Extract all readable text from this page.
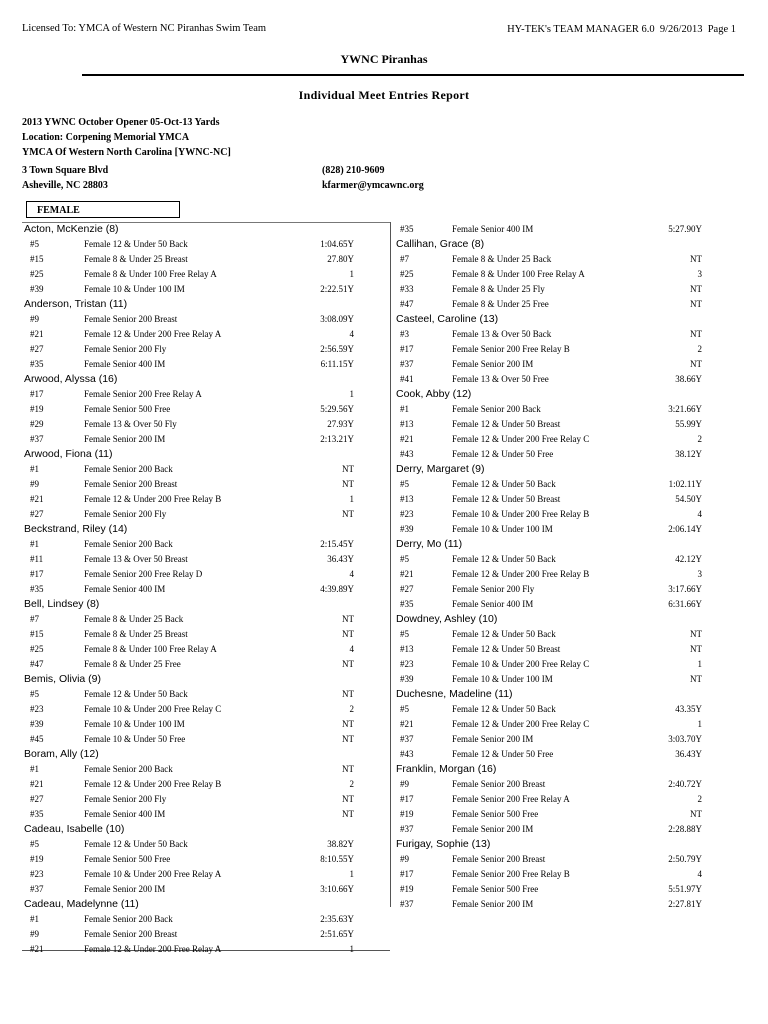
Licensed To: YMCA of Western NC Piranhas Swim Team	HY-TEK's TEAM MANAGER 6.0 9/26/2013 Page 1
YWNC Piranhas
Individual Meet Entries Report
2013 YWNC October Opener 05-Oct-13 Yards
Location: Corpening Memorial YMCA
YMCA Of Western North Carolina [YWNC-NC]
3 Town Square Blvd
Asheville, NC 28803
(828) 210-9609
kfarmer@ymcawnc.org
FEMALE
Acton, McKenzie (8)
#5	Female 12 & Under 50 Back	1:04.65Y
#15	Female 8 & Under 25 Breast	27.80Y
#25	Female 8 & Under 100 Free Relay A	1
#39	Female 10 & Under 100 IM	2:22.51Y
Anderson, Tristan (11)
#9	Female Senior 200 Breast	3:08.09Y
#21	Female 12 & Under 200 Free Relay A	4
#27	Female Senior 200 Fly	2:56.59Y
#35	Female Senior 400 IM	6:11.15Y
Arwood, Alyssa (16)
#17	Female Senior 200 Free Relay A	1
#19	Female Senior 500 Free	5:29.56Y
#29	Female 13 & Over 50 Fly	27.93Y
#37	Female Senior 200 IM	2:13.21Y
Arwood, Fiona (11)
#1	Female Senior 200 Back	NT
#9	Female Senior 200 Breast	NT
#21	Female 12 & Under 200 Free Relay B	1
#27	Female Senior 200 Fly	NT
Beckstrand, Riley (14)
#1	Female Senior 200 Back	2:15.45Y
#11	Female 13 & Over 50 Breast	36.43Y
#17	Female Senior 200 Free Relay D	4
#35	Female Senior 400 IM	4:39.89Y
Bell, Lindsey (8)
#7	Female 8 & Under 25 Back	NT
#15	Female 8 & Under 25 Breast	NT
#25	Female 8 & Under 100 Free Relay A	4
#47	Female 8 & Under 25 Free	NT
Bemis, Olivia (9)
#5	Female 12 & Under 50 Back	NT
#23	Female 10 & Under 200 Free Relay C	2
#39	Female 10 & Under 100 IM	NT
#45	Female 10 & Under 50 Free	NT
Boram, Ally (12)
#1	Female Senior 200 Back	NT
#21	Female 12 & Under 200 Free Relay B	2
#27	Female Senior 200 Fly	NT
#35	Female Senior 400 IM	NT
Cadeau, Isabelle (10)
#5	Female 12 & Under 50 Back	38.82Y
#19	Female Senior 500 Free	8:10.55Y
#23	Female 10 & Under 200 Free Relay A	1
#37	Female Senior 200 IM	3:10.66Y
Cadeau, Madelynne (11)
#1	Female Senior 200 Back	2:35.63Y
#9	Female Senior 200 Breast	2:51.65Y
#21	Female 12 & Under 200 Free Relay A	1
#35	Female Senior 400 IM	5:27.90Y
Callihan, Grace (8)
#7	Female 8 & Under 25 Back	NT
#25	Female 8 & Under 100 Free Relay A	3
#33	Female 8 & Under 25 Fly	NT
#47	Female 8 & Under 25 Free	NT
Casteel, Caroline (13)
#3	Female 13 & Over 50 Back	NT
#17	Female Senior 200 Free Relay B	2
#37	Female Senior 200 IM	NT
#41	Female 13 & Over 50 Free	38.66Y
Cook, Abby (12)
#1	Female Senior 200 Back	3:21.66Y
#13	Female 12 & Under 50 Breast	55.99Y
#21	Female 12 & Under 200 Free Relay C	2
#43	Female 12 & Under 50 Free	38.12Y
Derry, Margaret (9)
#5	Female 12 & Under 50 Back	1:02.11Y
#13	Female 12 & Under 50 Breast	54.50Y
#23	Female 10 & Under 200 Free Relay B	4
#39	Female 10 & Under 100 IM	2:06.14Y
Derry, Mo (11)
#5	Female 12 & Under 50 Back	42.12Y
#21	Female 12 & Under 200 Free Relay B	3
#27	Female Senior 200 Fly	3:17.66Y
#35	Female Senior 400 IM	6:31.66Y
Dowdney, Ashley (10)
#5	Female 12 & Under 50 Back	NT
#13	Female 12 & Under 50 Breast	NT
#23	Female 10 & Under 200 Free Relay C	1
#39	Female 10 & Under 100 IM	NT
Duchesne, Madeline (11)
#5	Female 12 & Under 50 Back	43.35Y
#21	Female 12 & Under 200 Free Relay C	1
#37	Female Senior 200 IM	3:03.70Y
#43	Female 12 & Under 50 Free	36.43Y
Franklin, Morgan (16)
#9	Female Senior 200 Breast	2:40.72Y
#17	Female Senior 200 Free Relay A	2
#19	Female Senior 500 Free	NT
#37	Female Senior 200 IM	2:28.88Y
Furigay, Sophie (13)
#9	Female Senior 200 Breast	2:50.79Y
#17	Female Senior 200 Free Relay B	4
#19	Female Senior 500 Free	5:51.97Y
#37	Female Senior 200 IM	2:27.81Y
